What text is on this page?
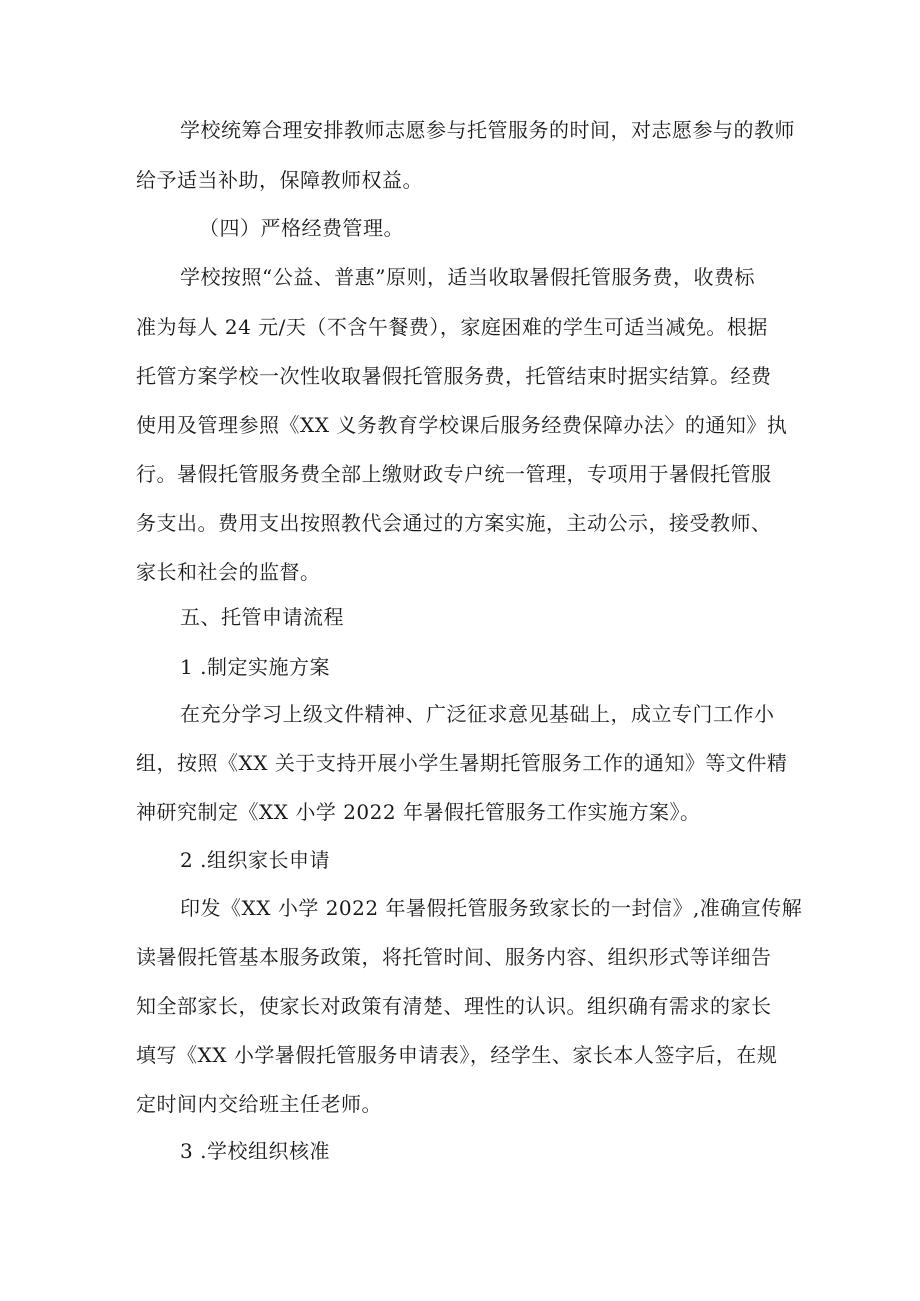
学校统筹合理安排教师志愿参与托管服务的时间，对志愿参与的教师
给予适当补助，保障教师权益。
（四）严格经费管理。
学校按照“公益、普惠”原则，适当收取暑假托管服务费，收费标
准为每人 24 元/天（不含午餐费），家庭困难的学生可适当减免。根据
托管方案学校一次性收取暑假托管服务费，托管结束时据实结算。经费
使用及管理参照《XX 义务教育学校课后服务经费保障办法〉的通知》执
行。暑假托管服务费全部上缴财政专户统一管理，专项用于暑假托管服
务支出。费用支出按照教代会通过的方案实施，主动公示，接受教师、
家长和社会的监督。
五、托管申请流程
1 .制定实施方案
在充分学习上级文件精神、广泛征求意见基础上，成立专门工作小
组，按照《XX 关于支持开展小学生暑期托管服务工作的通知》等文件精
神研究制定《XX 小学 2022 年暑假托管服务工作实施方案》。
2 .组织家长申请
印发《XX 小学 2022 年暑假托管服务致家长的一封信》,准确宣传解
读暑假托管基本服务政策，将托管时间、服务内容、组织形式等详细告
知全部家长，使家长对政策有清楚、理性的认识。组织确有需求的家长
填写《XX 小学暑假托管服务申请表》，经学生、家长本人签字后，在规
定时间内交给班主任老师。
3 .学校组织核准
